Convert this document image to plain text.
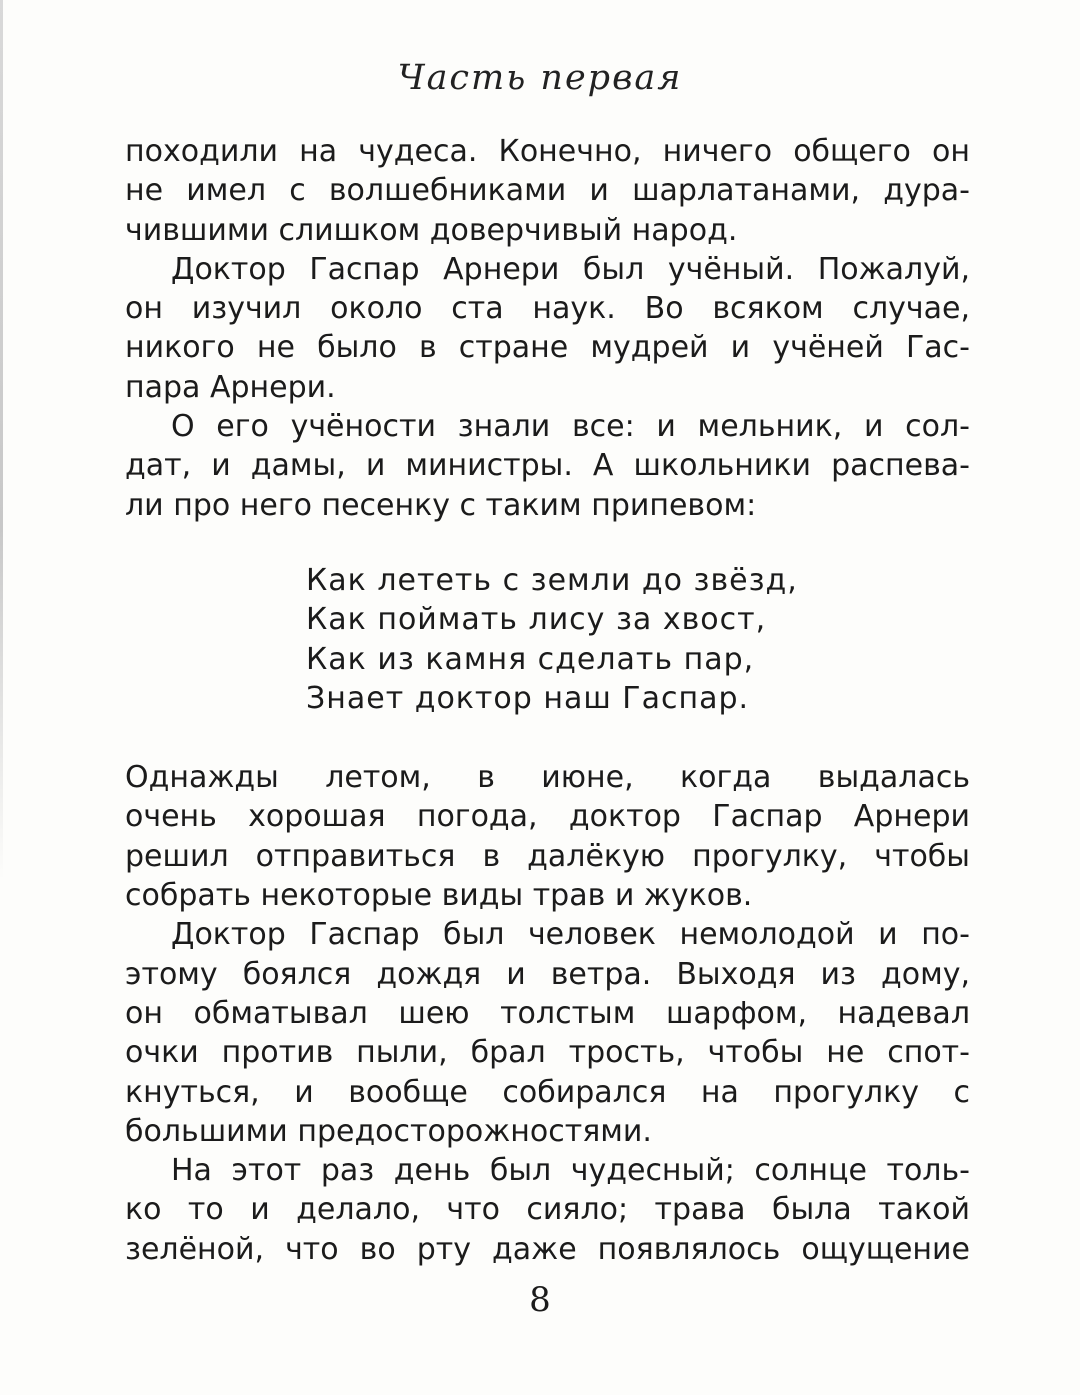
Часть первая
походили на чудеса. Конечно, ничего общего он
не имел с волшебниками и шарлатанами, дура-
чившими слишком доверчивый народ.
Доктор Гаспар Арнери был учёный. Пожалуй,
он изучил около ста наук. Во всяком случае,
никого не было в стране мудрей и учёней Гас-
пара Арнери.
О его учёности знали все: и мельник, и сол-
дат, и дамы, и министры. А школьники распева-
ли про него песенку с таким припевом:
Как лететь с земли до звёзд,
Как поймать лису за хвост,
Как из камня сделать пар,
Знает доктор наш Гаспар.
Однажды летом, в июне, когда выдалась
очень хорошая погода, доктор Гаспар Арнери
решил отправиться в далёкую прогулку, чтобы
собрать некоторые виды трав и жуков.
Доктор Гаспар был человек немолодой и по-
этому боялся дождя и ветра. Выходя из дому,
он обматывал шею толстым шарфом, надевал
очки против пыли, брал трость, чтобы не спот-
кнуться, и вообще собирался на прогулку с
большими предосторожностями.
На этот раз день был чудесный; солнце толь-
ко то и делало, что сияло; трава была такой
зелёной, что во рту даже появлялось ощущение
8
